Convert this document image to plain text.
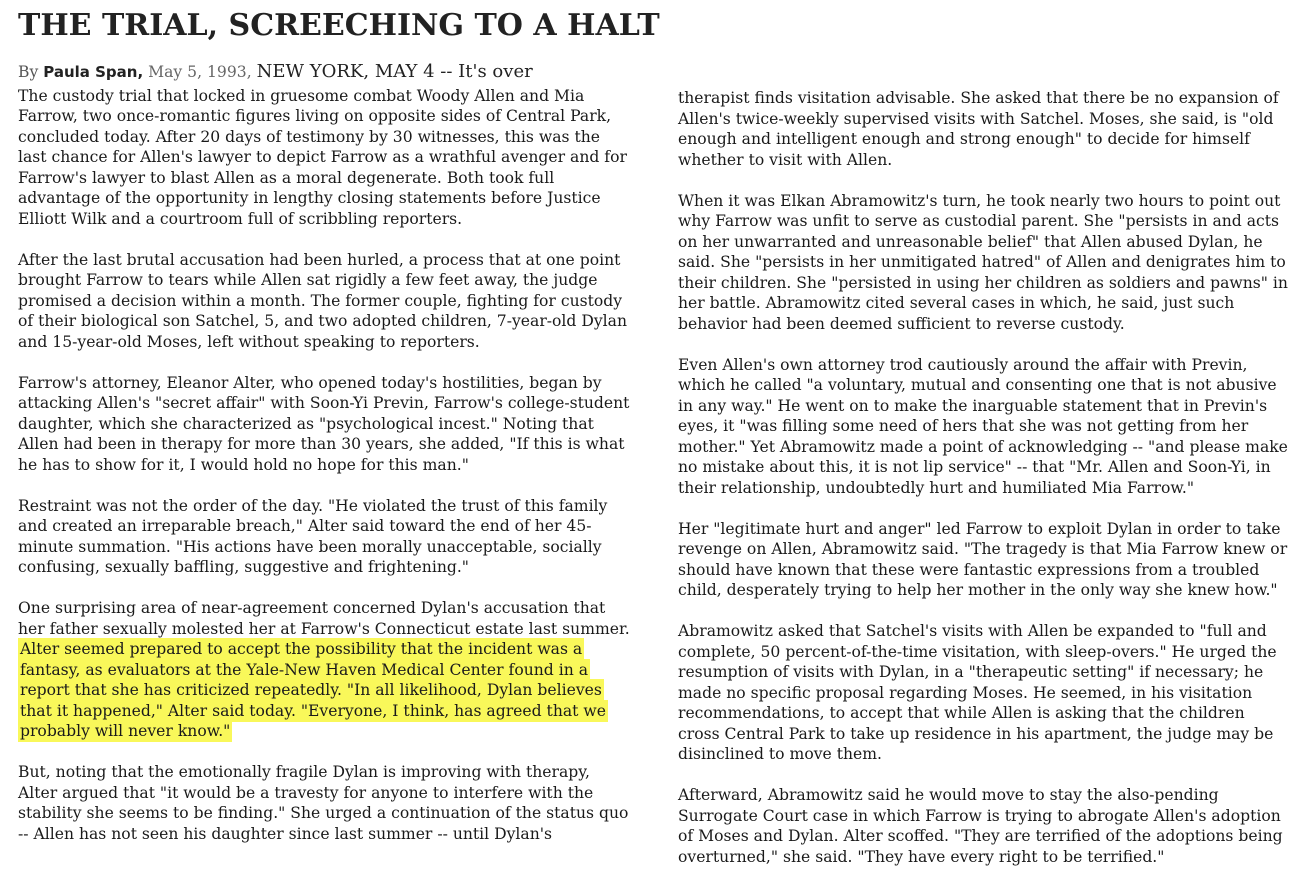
THE TRIAL, SCREECHING TO A HALT

By Paula Span, May 5, 1993, NEW YORK, MAY 4 -- It's over

The custody trial that locked in gruesome combat Woody Allen and Mia Farrow, two once-romantic figures living on opposite sides of Central Park, concluded today. After 20 days of testimony by 30 witnesses, this was the last chance for Allen's lawyer to depict Farrow as a wrathful avenger and for Farrow's lawyer to blast Allen as a moral degenerate. Both took full advantage of the opportunity in lengthy closing statements before Justice Elliott Wilk and a courtroom full of scribbling reporters.

After the last brutal accusation had been hurled, a process that at one point brought Farrow to tears while Allen sat rigidly a few feet away, the judge promised a decision within a month. The former couple, fighting for custody of their biological son Satchel, 5, and two adopted children, 7-year-old Dylan and 15-year-old Moses, left without speaking to reporters.

Farrow's attorney, Eleanor Alter, who opened today's hostilities, began by attacking Allen's "secret affair" with Soon-Yi Previn, Farrow's college-student daughter, which she characterized as "psychological incest." Noting that Allen had been in therapy for more than 30 years, she added, "If this is what he has to show for it, I would hold no hope for this man."

Restraint was not the order of the day. "He violated the trust of this family and created an irreparable breach," Alter said toward the end of her 45-minute summation. "His actions have been morally unacceptable, socially confusing, sexually baffling, suggestive and frightening."

One surprising area of near-agreement concerned Dylan's accusation that her father sexually molested her at Farrow's Connecticut estate last summer. Alter seemed prepared to accept the possibility that the incident was a fantasy, as evaluators at the Yale-New Haven Medical Center found in a report that she has criticized repeatedly. "In all likelihood, Dylan believes that it happened," Alter said today. "Everyone, I think, has agreed that we probably will never know."

But, noting that the emotionally fragile Dylan is improving with therapy, Alter argued that "it would be a travesty for anyone to interfere with the stability she seems to be finding." She urged a continuation of the status quo -- Allen has not seen his daughter since last summer -- until Dylan's

therapist finds visitation advisable. She asked that there be no expansion of Allen's twice-weekly supervised visits with Satchel. Moses, she said, is "old enough and intelligent enough and strong enough" to decide for himself whether to visit with Allen.

When it was Elkan Abramowitz's turn, he took nearly two hours to point out why Farrow was unfit to serve as custodial parent. She "persists in and acts on her unwarranted and unreasonable belief" that Allen abused Dylan, he said. She "persists in her unmitigated hatred" of Allen and denigrates him to their children. She "persisted in using her children as soldiers and pawns" in her battle. Abramowitz cited several cases in which, he said, just such behavior had been deemed sufficient to reverse custody.

Even Allen's own attorney trod cautiously around the affair with Previn, which he called "a voluntary, mutual and consenting one that is not abusive in any way." He went on to make the inarguable statement that in Previn's eyes, it "was filling some need of hers that she was not getting from her mother." Yet Abramowitz made a point of acknowledging -- "and please make no mistake about this, it is not lip service" -- that "Mr. Allen and Soon-Yi, in their relationship, undoubtedly hurt and humiliated Mia Farrow."

Her "legitimate hurt and anger" led Farrow to exploit Dylan in order to take revenge on Allen, Abramowitz said. "The tragedy is that Mia Farrow knew or should have known that these were fantastic expressions from a troubled child, desperately trying to help her mother in the only way she knew how."

Abramowitz asked that Satchel's visits with Allen be expanded to "full and complete, 50 percent-of-the-time visitation, with sleep-overs." He urged the resumption of visits with Dylan, in a "therapeutic setting" if necessary; he made no specific proposal regarding Moses. He seemed, in his visitation recommendations, to accept that while Allen is asking that the children cross Central Park to take up residence in his apartment, the judge may be disinclined to move them.

Afterward, Abramowitz said he would move to stay the also-pending Surrogate Court case in which Farrow is trying to abrogate Allen's adoption of Moses and Dylan. Alter scoffed. "They are terrified of the adoptions being overturned," she said. "They have every right to be terrified."
